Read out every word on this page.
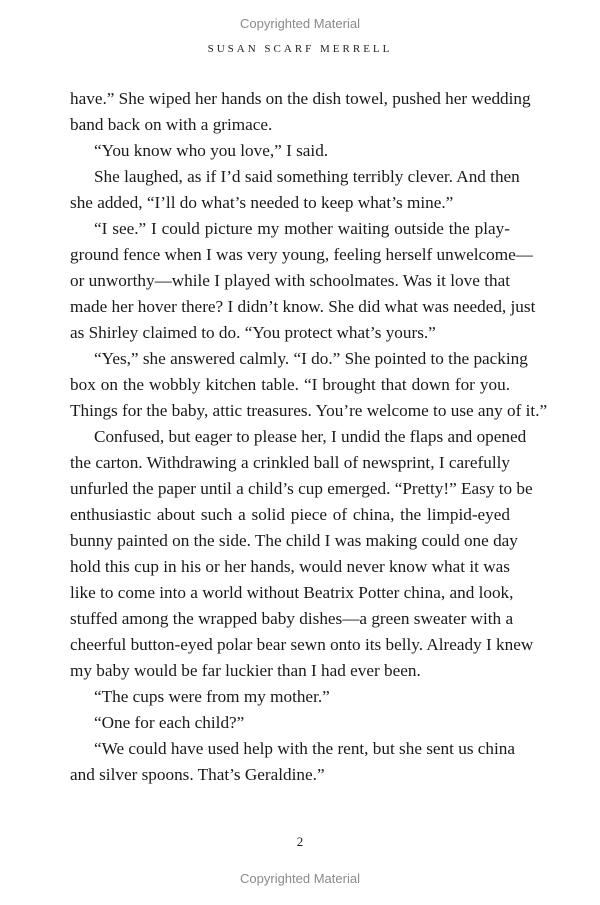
Copyrighted Material
SUSAN SCARF MERRELL
have.” She wiped her hands on the dish towel, pushed her wedding
band back on with a grimace.
“You know who you love,” I said.
She laughed, as if I’d said something terribly clever. And then
she added, “I’ll do what’s needed to keep what’s mine.”
“I see.” I could picture my mother waiting outside the play-
ground fence when I was very young, feeling herself unwelcome—
or unworthy—while I played with schoolmates. Was it love that
made her hover there? I didn’t know. She did what was needed, just
as Shirley claimed to do. “You protect what’s yours.”
“Yes,” she answered calmly. “I do.” She pointed to the packing
box on the wobbly kitchen table. “I brought that down for you.
Things for the baby, attic treasures. You’re welcome to use any of it.”
Confused, but eager to please her, I undid the flaps and opened
the carton. Withdrawing a crinkled ball of newsprint, I carefully
unfurled the paper until a child’s cup emerged. “Pretty!” Easy to be
enthusiastic about such a solid piece of china, the limpid-eyed
bunny painted on the side. The child I was making could one day
hold this cup in his or her hands, would never know what it was
like to come into a world without Beatrix Potter china, and look,
stuffed among the wrapped baby dishes—a green sweater with a
cheerful button-eyed polar bear sewn onto its belly. Already I knew
my baby would be far luckier than I had ever been.
“The cups were from my mother.”
“One for each child?”
“We could have used help with the rent, but she sent us china
and silver spoons. That’s Geraldine.”
2
Copyrighted Material
